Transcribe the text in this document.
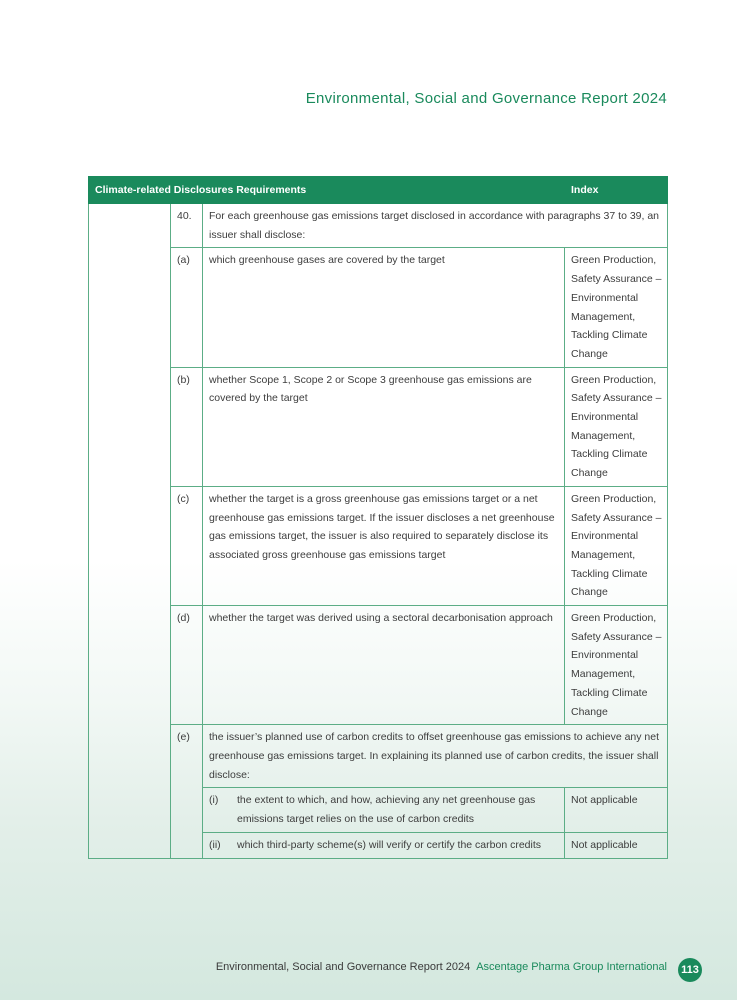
Environmental, Social and Governance Report 2024
Climate-related Disclosures Requirements			Index
	40.	For each greenhouse gas emissions target disclosed in accordance with paragraphs 37 to 39, an issuer shall disclose:	
	(a)	which greenhouse gases are covered by the target	Green Production, Safety Assurance – Environmental Management, Tackling Climate Change
	(b)	whether Scope 1, Scope 2 or Scope 3 greenhouse gas emissions are covered by the target	Green Production, Safety Assurance – Environmental Management, Tackling Climate Change
	(c)	whether the target is a gross greenhouse gas emissions target or a net greenhouse gas emissions target. If the issuer discloses a net greenhouse gas emissions target, the issuer is also required to separately disclose its associated gross greenhouse gas emissions target	Green Production, Safety Assurance – Environmental Management, Tackling Climate Change
	(d)	whether the target was derived using a sectoral decarbonisation approach	Green Production, Safety Assurance – Environmental Management, Tackling Climate Change
	(e)	the issuer’s planned use of carbon credits to offset greenhouse gas emissions to achieve any net greenhouse gas emissions target. In explaining its planned use of carbon credits, the issuer shall disclose:	

		(i) the extent to which, and how, achieving any net greenhouse gas emissions target relies on the use of carbon credits	Not applicable

		(ii) which third-party scheme(s) will verify or certify the carbon credits	Not applicable
Environmental, Social and Governance Report 2024 Ascentage Pharma Group International 113
